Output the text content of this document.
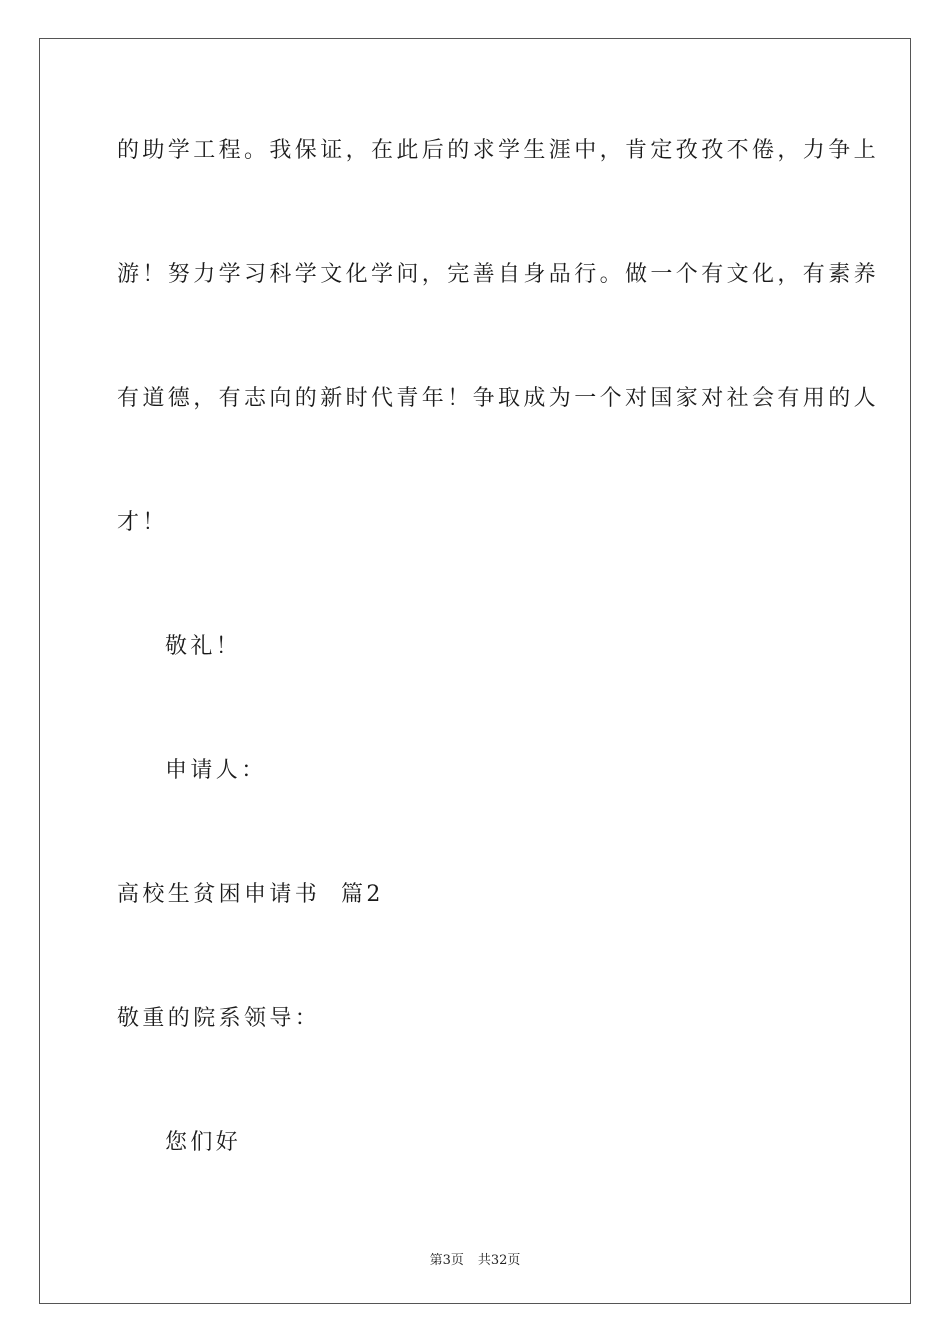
的助学工程。我保证，在此后的求学生涯中，肯定孜孜不倦，力争上
游！努力学习科学文化学问，完善自身品行。做一个有文化，有素养
有道德，有志向的新时代青年！争取成为一个对国家对社会有用的人
才！
敬礼！
申请人：
高校生贫困申请书  篇2
敬重的院系领导：
您们好
第3页 共32页
